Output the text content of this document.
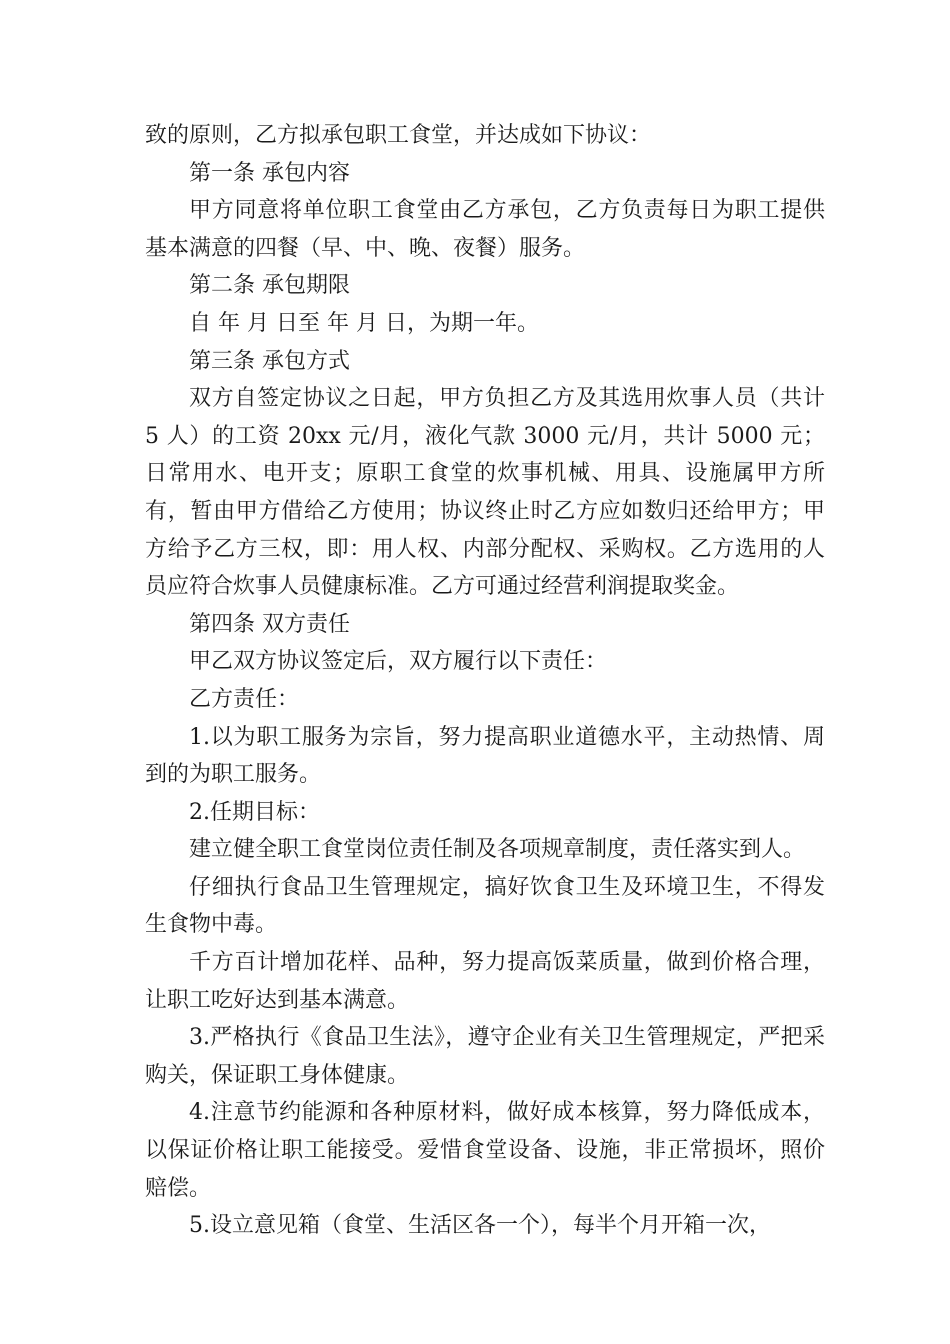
致的原则，乙方拟承包职工食堂，并达成如下协议：

第一条 承包内容

甲方同意将单位职工食堂由乙方承包，乙方负责每日为职工提供基本满意的四餐（早、中、晚、夜餐）服务。

第二条 承包期限

自 年 月 日至 年 月 日，为期一年。

第三条 承包方式

双方自签定协议之日起，甲方负担乙方及其选用炊事人员（共计 5 人）的工资 20xx 元/月，液化气款 3000 元/月，共计 5000 元；日常用水、电开支；原职工食堂的炊事机械、用具、设施属甲方所有，暂由甲方借给乙方使用；协议终止时乙方应如数归还给甲方；甲方给予乙方三权，即：用人权、内部分配权、采购权。乙方选用的人员应符合炊事人员健康标准。乙方可通过经营利润提取奖金。

第四条 双方责任

甲乙双方协议签定后，双方履行以下责任：

乙方责任：

1.以为职工服务为宗旨，努力提高职业道德水平，主动热情、周到的为职工服务。

2.任期目标：

建立健全职工食堂岗位责任制及各项规章制度，责任落实到人。

仔细执行食品卫生管理规定，搞好饮食卫生及环境卫生，不得发生食物中毒。

千方百计增加花样、品种，努力提高饭菜质量，做到价格合理，让职工吃好达到基本满意。

3.严格执行《食品卫生法》，遵守企业有关卫生管理规定，严把采购关，保证职工身体健康。

4.注意节约能源和各种原材料，做好成本核算，努力降低成本，以保证价格让职工能接受。爱惜食堂设备、设施，非正常损坏，照价赔偿。

5.设立意见箱（食堂、生活区各一个），每半个月开箱一次，
